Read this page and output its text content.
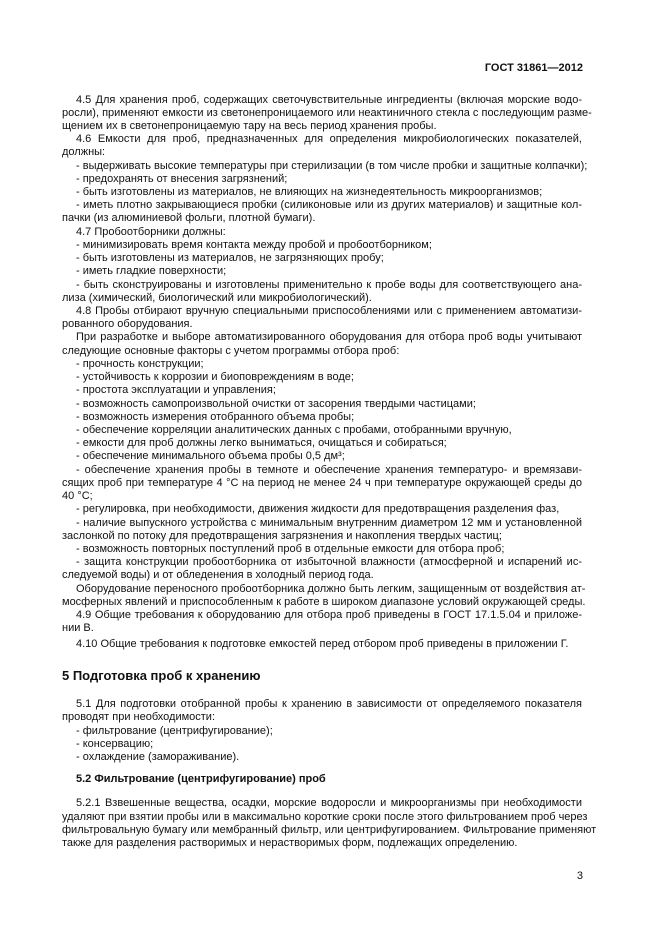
ГОСТ 31861—2012
4.5 Для хранения проб, содержащих светочувствительные ингредиенты (включая морские водо-
росли), применяют емкости из светонепроницаемого или неактиничного стекла с последующим разме-
щением их в светонепроницаемую тару на весь период хранения пробы.
4.6 Емкости для проб, предназначенных для определения микробиологических показателей,
должны:
- выдерживать высокие температуры при стерилизации (в том числе пробки и защитные колпачки);
- предохранять от внесения загрязнений;
- быть изготовлены из материалов, не влияющих на жизнедеятельность микроорганизмов;
- иметь плотно закрывающиеся пробки (силиконовые или из других материалов) и защитные кол-
пачки (из алюминиевой фольги, плотной бумаги).
4.7 Пробоотборники должны:
- минимизировать время контакта между пробой и пробоотборником;
- быть изготовлены из материалов, не загрязняющих пробу;
- иметь гладкие поверхности;
- быть сконструированы и изготовлены применительно к пробе воды для соответствующего ана-
лиза (химический, биологический или микробиологический).
4.8 Пробы отбирают вручную специальными приспособлениями или с применением автоматизи-
рованного оборудования.
При разработке и выборе автоматизированного оборудования для отбора проб воды учитывают
следующие основные факторы с учетом программы отбора проб:
- прочность конструкции;
- устойчивость к коррозии и биоповреждениям в воде;
- простота эксплуатации и управления;
- возможность самопроизвольной очистки от засорения твердыми частицами;
- возможность измерения отобранного объема пробы;
- обеспечение корреляции аналитических данных с пробами, отобранными вручную,
- емкости для проб должны легко выниматься, очищаться и собираться;
- обеспечение минимального объема пробы 0,5 дм³;
- обеспечение хранения пробы в темноте и обеспечение хранения температуро- и времязави-
сящих проб при температуре 4 °С на период не менее 24 ч при температуре окружающей среды до
40 °С;
- регулировка, при необходимости, движения жидкости для предотвращения разделения фаз,
- наличие выпускного устройства с минимальным внутренним диаметром 12 мм и установленной
заслонкой по потоку для предотвращения загрязнения и накопления твердых частиц;
- возможность повторных поступлений проб в отдельные емкости для отбора проб;
- защита конструкции пробоотборника от избыточной влажности (атмосферной и испарений ис-
следуемой воды) и от обледенения в холодный период года.
Оборудование переносного пробоотборника должно быть легким, защищенным от воздействия ат-
мосферных явлений и приспособленным к работе в широком диапазоне условий окружающей среды.
4.9 Общие требования к оборудованию для отбора проб приведены в ГОСТ 17.1.5.04 и приложе-
нии В.
4.10 Общие требования к подготовке емкостей перед отбором проб приведены в приложении Г.
5 Подготовка проб к хранению
5.1 Для подготовки отобранной пробы к хранению в зависимости от определяемого показателя
проводят при необходимости:
- фильтрование (центрифугирование);
- консервацию;
- охлаждение (замораживание).
5.2 Фильтрование (центрифугирование) проб
5.2.1 Взвешенные вещества, осадки, морские водоросли и микроорганизмы при необходимости
удаляют при взятии пробы или в максимально короткие сроки после этого фильтрованием проб через
фильтровальную бумагу или мембранный фильтр, или центрифугированием. Фильтрование применяют
также для разделения растворимых и нерастворимых форм, подлежащих определению.
3
